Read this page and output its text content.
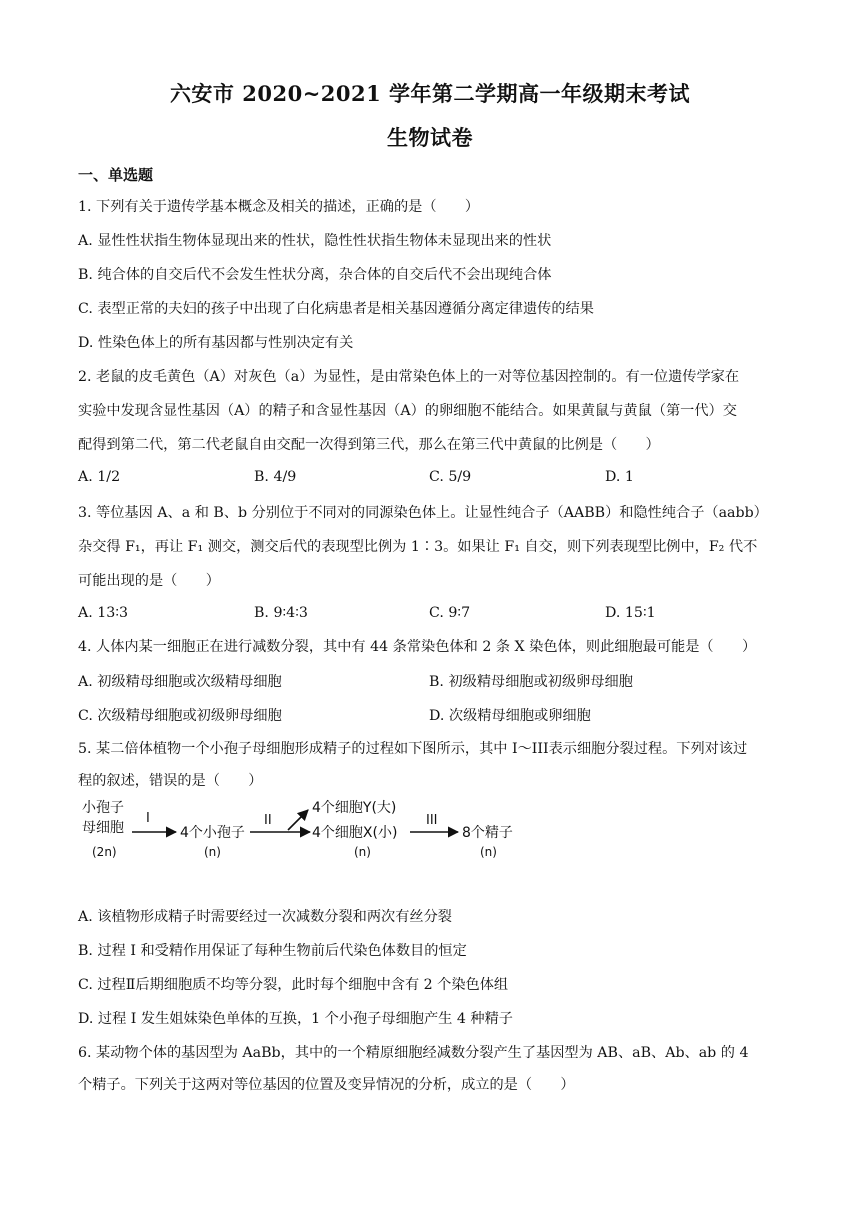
六安市 2020~2021 学年第二学期高一年级期末考试
生物试卷
一、单选题
1. 下列有关于遗传学基本概念及相关的描述，正确的是（　　）
A. 显性性状指生物体显现出来的性状，隐性性状指生物体未显现出来的性状
B. 纯合体的自交后代不会发生性状分离，杂合体的自交后代不会出现纯合体
C. 表型正常的夫妇的孩子中出现了白化病患者是相关基因遵循分离定律遗传的结果
D. 性染色体上的所有基因都与性别决定有关
2. 老鼠的皮毛黄色（A）对灰色（a）为显性，是由常染色体上的一对等位基因控制的。有一位遗传学家在
实验中发现含显性基因（A）的精子和含显性基因（A）的卵细胞不能结合。如果黄鼠与黄鼠（第一代）交
配得到第二代，第二代老鼠自由交配一次得到第三代，那么在第三代中黄鼠的比例是（　　）
A. 1/2	B. 4/9	C. 5/9	D. 1
3. 等位基因 A、a 和 B、b 分别位于不同对的同源染色体上。让显性纯合子（AABB）和隐性纯合子（aabb）
杂交得 F₁，再让 F₁ 测交，测交后代的表现型比例为 1∶3。如果让 F₁ 自交，则下列表现型比例中，F₂ 代不
可能出现的是（　　）
A. 13∶3	B. 9∶4∶3	C. 9∶7	D. 15∶1
4. 人体内某一细胞正在进行减数分裂，其中有 44 条常染色体和 2 条 X 染色体，则此细胞最可能是（　　）
A. 初级精母细胞或次级精母细胞	B. 初级精母细胞或初级卵母细胞
C. 次级精母细胞或初级卵母细胞	D. 次级精母细胞或卵细胞
5. 某二倍体植物一个小孢子母细胞形成精子的过程如下图所示，其中 I～III表示细胞分裂过程。下列对该过
程的叙述，错误的是（　　）
小孢子
母细胞
(2n)
I
4个小孢子
(n)
II
4个细胞Y(大)
4个细胞X(小)
(n)
III
8个精子
(n)
A. 该植物形成精子时需要经过一次减数分裂和两次有丝分裂
B. 过程 I 和受精作用保证了每种生物前后代染色体数目的恒定
C. 过程Ⅱ后期细胞质不均等分裂，此时每个细胞中含有 2 个染色体组
D. 过程 I 发生姐妹染色单体的互换，1 个小孢子母细胞产生 4 种精子
6. 某动物个体的基因型为 AaBb，其中的一个精原细胞经减数分裂产生了基因型为 AB、aB、Ab、ab 的 4
个精子。下列关于这两对等位基因的位置及变异情况的分析，成立的是（　　）
